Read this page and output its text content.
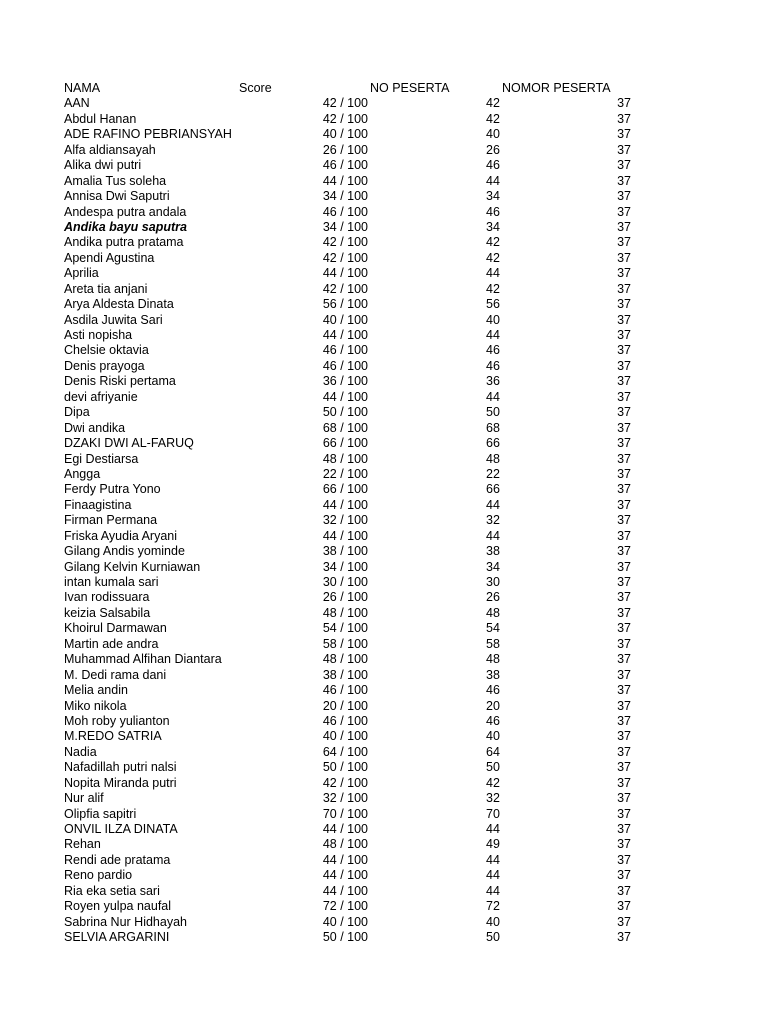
NAMA	Score	NO PESERTA	NOMOR PESERTA
AAN	42 / 100	42	37
Abdul Hanan	42 / 100	42	37
ADE RAFINO PEBRIANSYAH	40 / 100	40	37
Alfa aldiansayah	26 / 100	26	37
Alika dwi putri	46 / 100	46	37
Amalia Tus soleha	44 / 100	44	37
Annisa Dwi Saputri	34 / 100	34	37
Andespa putra andala	46 / 100	46	37
Andika bayu saputra	34 / 100	34	37
Andika putra pratama	42 / 100	42	37
Apendi Agustina	42 / 100	42	37
Aprilia	44 / 100	44	37
Areta tia anjani	42 / 100	42	37
Arya Aldesta Dinata	56 / 100	56	37
Asdila Juwita Sari	40 / 100	40	37
Asti nopisha	44 / 100	44	37
Chelsie oktavia	46 / 100	46	37
Denis prayoga	46 / 100	46	37
Denis Riski pertama	36 / 100	36	37
devi afriyanie	44 / 100	44	37
Dipa	50 / 100	50	37
Dwi andika	68 / 100	68	37
DZAKI DWI AL-FARUQ	66 / 100	66	37
Egi Destiarsa	48 / 100	48	37
Angga	22 / 100	22	37
Ferdy Putra Yono	66 / 100	66	37
Finaagistina	44 / 100	44	37
Firman Permana	32 / 100	32	37
Friska Ayudia Aryani	44 / 100	44	37
Gilang Andis yominde	38 / 100	38	37
Gilang Kelvin Kurniawan	34 / 100	34	37
intan kumala sari	30 / 100	30	37
Ivan rodissuara	26 / 100	26	37
keizia Salsabila	48 / 100	48	37
Khoirul Darmawan	54 / 100	54	37
Martin ade andra	58 / 100	58	37
Muhammad Alfihan Diantara	48 / 100	48	37
M. Dedi rama dani	38 / 100	38	37
Melia andin	46 / 100	46	37
Miko nikola	20 / 100	20	37
Moh roby yulianton	46 / 100	46	37
M.REDO SATRIA	40 / 100	40	37
Nadia	64 / 100	64	37
Nafadillah putri nalsi	50 / 100	50	37
Nopita Miranda putri	42 / 100	42	37
Nur alif	32 / 100	32	37
Olipfia sapitri	70 / 100	70	37
ONVIL ILZA DINATA	44 / 100	44	37
Rehan	48 / 100	49	37
Rendi ade pratama	44 / 100	44	37
Reno pardio	44 / 100	44	37
Ria eka setia sari	44 / 100	44	37
Royen yulpa naufal	72 / 100	72	37
Sabrina Nur Hidhayah	40 / 100	40	37
SELVIA ARGARINI	50 / 100	50	37
